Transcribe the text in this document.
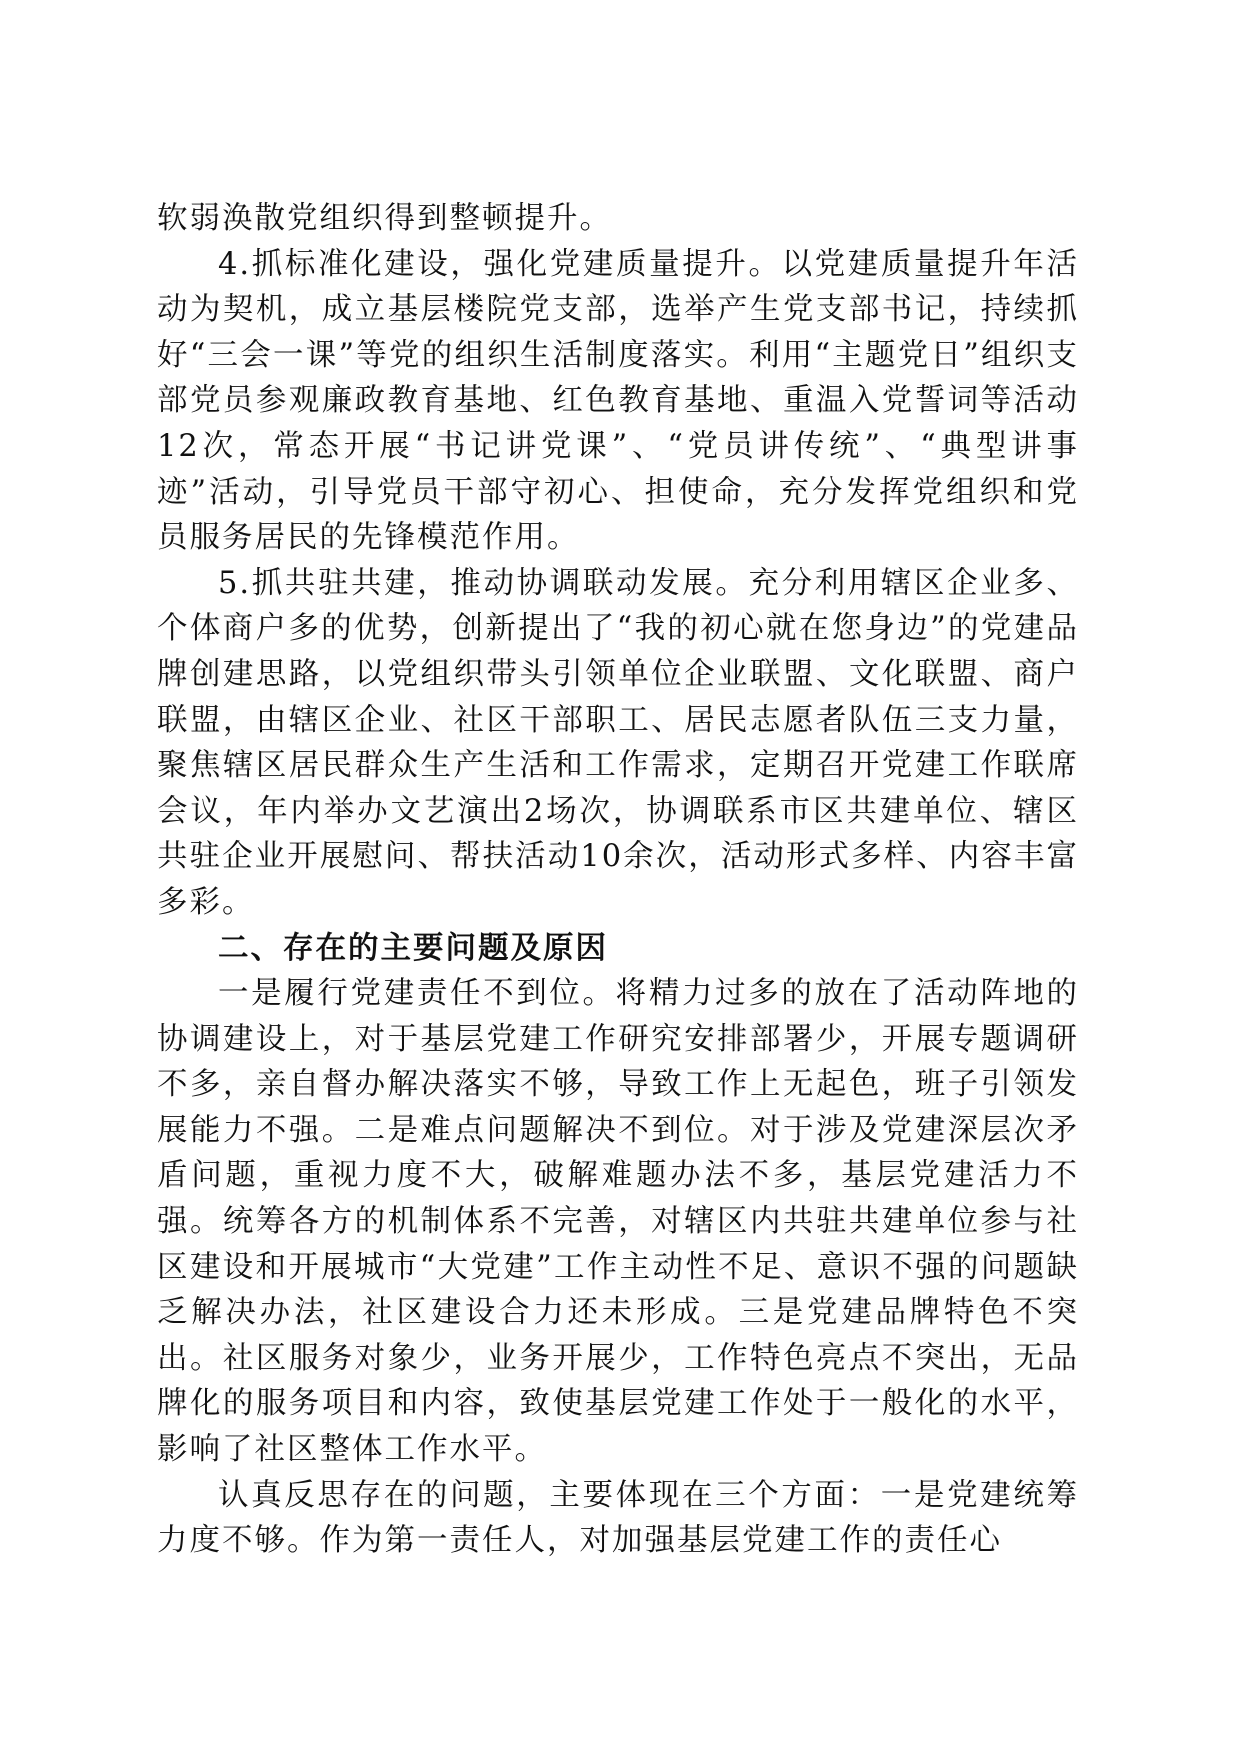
软弱涣散党组织得到整顿提升。

4.抓标准化建设，强化党建质量提升。以党建质量提升年活动为契机，成立基层楼院党支部，选举产生党支部书记，持续抓好“三会一课”等党的组织生活制度落实。利用“主题党日”组织支部党员参观廉政教育基地、红色教育基地、重温入党誓词等活动12次，常态开展“书记讲党课”、“党员讲传统”、“典型讲事迹”活动，引导党员干部守初心、担使命，充分发挥党组织和党员服务居民的先锋模范作用。

5.抓共驻共建，推动协调联动发展。充分利用辖区企业多、个体商户多的优势，创新提出了“我的初心就在您身边”的党建品牌创建思路，以党组织带头引领单位企业联盟、文化联盟、商户联盟，由辖区企业、社区干部职工、居民志愿者队伍三支力量，聚焦辖区居民群众生产生活和工作需求，定期召开党建工作联席会议，年内举办文艺演出2场次，协调联系市区共建单位、辖区共驻企业开展慰问、帮扶活动10余次，活动形式多样、内容丰富多彩。

二、存在的主要问题及原因

一是履行党建责任不到位。将精力过多的放在了活动阵地的协调建设上，对于基层党建工作研究安排部署少，开展专题调研不多，亲自督办解决落实不够，导致工作上无起色，班子引领发展能力不强。二是难点问题解决不到位。对于涉及党建深层次矛盾问题，重视力度不大，破解难题办法不多，基层党建活力不强。统筹各方的机制体系不完善，对辖区内共驻共建单位参与社区建设和开展城市“大党建”工作主动性不足、意识不强的问题缺乏解决办法，社区建设合力还未形成。三是党建品牌特色不突出。社区服务对象少，业务开展少，工作特色亮点不突出，无品牌化的服务项目和内容，致使基层党建工作处于一般化的水平，影响了社区整体工作水平。

认真反思存在的问题，主要体现在三个方面：一是党建统筹力度不够。作为第一责任人，对加强基层党建工作的责任心
